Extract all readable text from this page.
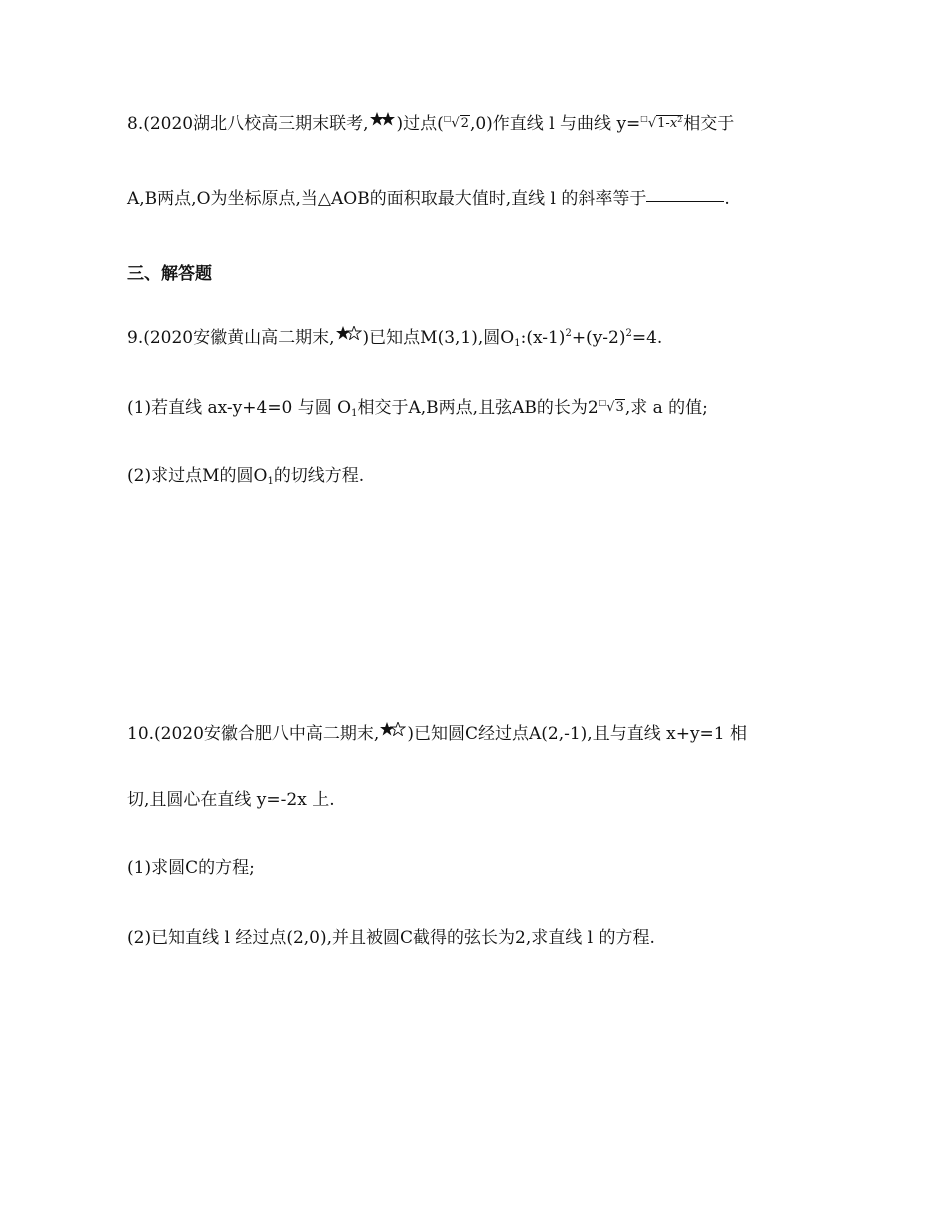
8.(2020湖北八校高三期末联考, )过点(□√2,0)作直线 l 与曲线 $y=^□√1-x^2$相交于
A,B两点,O为坐标原点,当△AOB的面积取最大值时,直线 l 的斜率等于	.
三、解答题
9.(2020安徽黄山高二期末, )已知点M(3,1),圆$O1:(x-1)^2+(y-2)^2=4$.
(1)若直线 ax-y+4=0 与圆 O1相交于A,B两点,且弦AB的长为2□√3,求 a 的值;
(2)求过点M的圆O1的切线方程.
10.(2020安徽合肥八中高二期末, )已知圆C经过点A(2,-1),且与直线 x+y=1 相
切,且圆心在直线 y=-2x 上.
(1)求圆C的方程;
(2)已知直线 l 经过点(2,0),并且被圆C截得的弦长为2,求直线 l 的方程.
